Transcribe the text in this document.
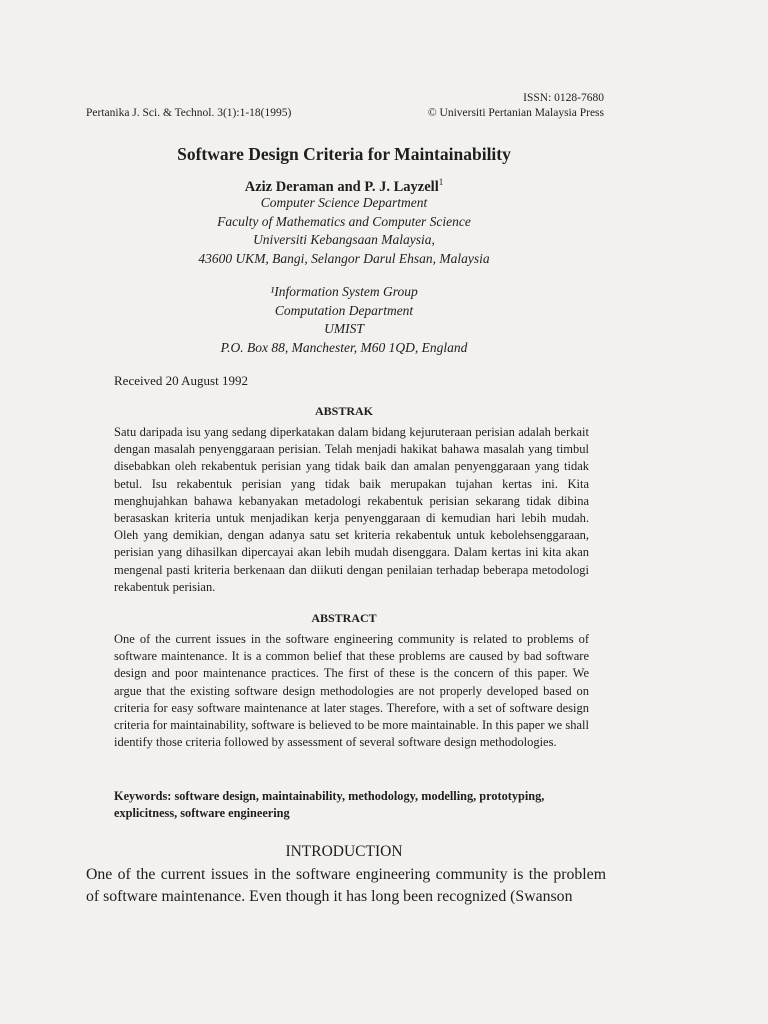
ISSN: 0128-7680
Pertanika J. Sci. & Technol. 3(1):1-18(1995)	© Universiti Pertanian Malaysia Press
Software Design Criteria for Maintainability
Aziz Deraman and P. J. Layzell$^1$
Computer Science Department
Faculty of Mathematics and Computer Science
Universiti Kebangsaan Malaysia,
43600 UKM, Bangi, Selangor Darul Ehsan, Malaysia
¹Information System Group
Computation Department
UMIST
P.O. Box 88, Manchester, M60 1QD, England
Received 20 August 1992
ABSTRAK
Satu daripada isu yang sedang diperkatakan dalam bidang kejuruteraan perisian adalah berkait dengan masalah penyenggaraan perisian. Telah menjadi hakikat bahawa masalah yang timbul disebabkan oleh rekabentuk perisian yang tidak baik dan amalan penyenggaraan yang tidak betul. Isu rekabentuk perisian yang tidak baik merupakan tujahan kertas ini. Kita menghujahkan bahawa kebanyakan metadologi rekabentuk perisian sekarang tidak dibina berasaskan kriteria untuk menjadikan kerja penyenggaraan di kemudian hari lebih mudah. Oleh yang demikian, dengan adanya satu set kriteria rekabentuk untuk kebolehsenggaraan, perisian yang dihasilkan dipercayai akan lebih mudah disenggara. Dalam kertas ini kita akan mengenal pasti kriteria berkenaan dan diikuti dengan penilaian terhadap beberapa metodologi rekabentuk perisian.
ABSTRACT
One of the current issues in the software engineering community is related to problems of software maintenance. It is a common belief that these problems are caused by bad software design and poor maintenance practices. The first of these is the concern of this paper. We argue that the existing software design methodologies are not properly developed based on criteria for easy software maintenance at later stages. Therefore, with a set of software design criteria for maintainability, software is believed to be more maintainable. In this paper we shall identify those criteria followed by assessment of several software design methodologies.
Keywords: software design, maintainability, methodology, modelling, prototyping, explicitness, software engineering
INTRODUCTION
One of the current issues in the software engineering community is the problem of software maintenance. Even though it has long been recognized (Swanson
